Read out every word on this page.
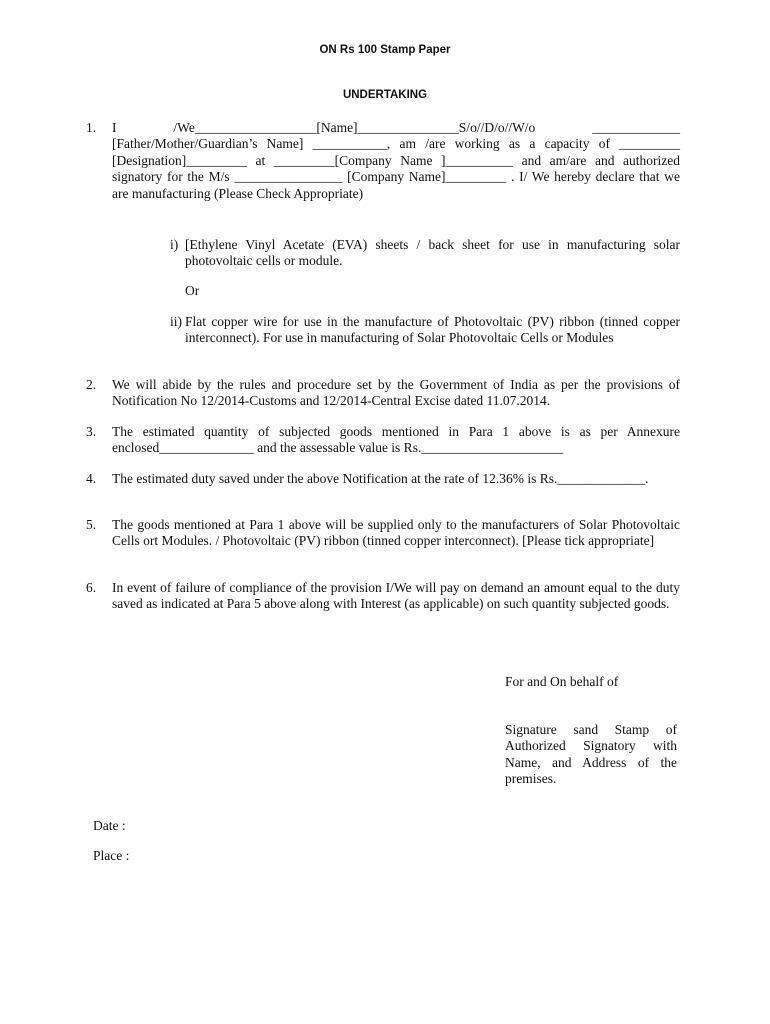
ON Rs 100 Stamp Paper
UNDERTAKING
1. I /We__________________[Name]_______________S/o//D/o//W/o _____________ [Father/Mother/Guardian’s Name] ___________, am /are working as a capacity of _________ [Designation]_________ at _________[Company Name ]__________ and am/are and authorized signatory for the M/s ________________ [Company Name]_________ . I/ We hereby declare that we are manufacturing (Please Check Appropriate)
i) [Ethylene Vinyl Acetate (EVA) sheets / back sheet for use in manufacturing solar photovoltaic cells or module.
Or
ii) Flat copper wire for use in the manufacture of Photovoltaic (PV) ribbon (tinned copper interconnect). For use in manufacturing of Solar Photovoltaic Cells or Modules
2. We will abide by the rules and procedure set by the Government of India as per the provisions of Notification No 12/2014-Customs and 12/2014-Central Excise dated 11.07.2014.
3. The estimated quantity of subjected goods mentioned in Para 1 above is as per Annexure enclosed______________ and the assessable value is Rs._____________________
4. The estimated duty saved under the above Notification at the rate of 12.36% is Rs._____________.
5. The goods mentioned at Para 1 above will be supplied only to the manufacturers of Solar Photovoltaic Cells ort Modules. / Photovoltaic (PV) ribbon (tinned copper interconnect). [Please tick appropriate]
6. In event of failure of compliance of the provision I/We will pay on demand an amount equal to the duty saved as indicated at Para 5 above along with Interest (as applicable) on such quantity subjected goods.
For and On behalf of
Signature sand Stamp of Authorized Signatory with Name, and Address of the premises.
Date :
Place :
